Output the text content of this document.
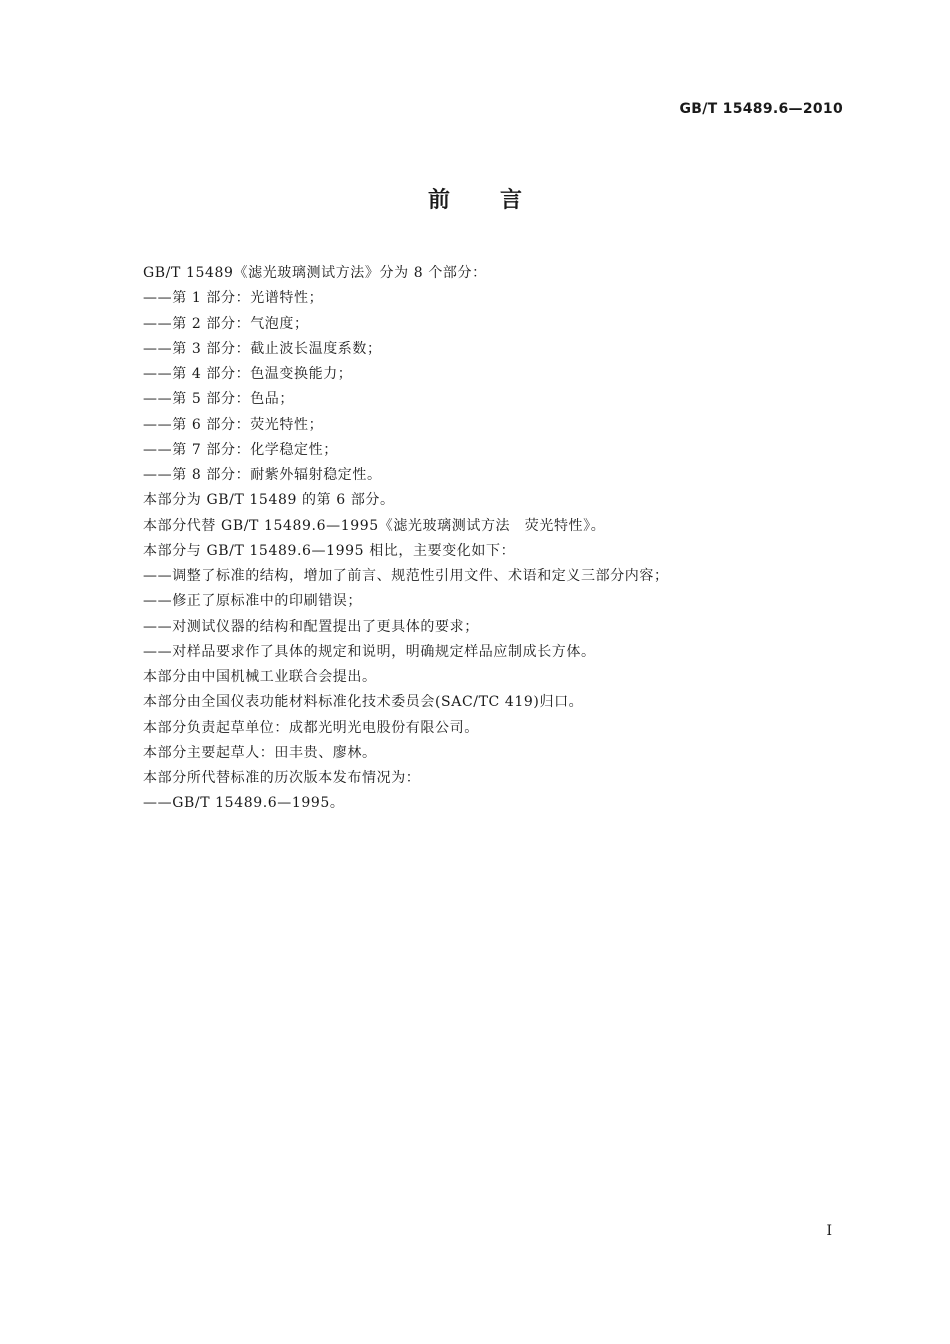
GB/T 15489.6—2010
前言
GB/T 15489《滤光玻璃测试方法》分为 8 个部分：
——第 1 部分：光谱特性；
——第 2 部分：气泡度；
——第 3 部分：截止波长温度系数；
——第 4 部分：色温变换能力；
——第 5 部分：色品；
——第 6 部分：荧光特性；
——第 7 部分：化学稳定性；
——第 8 部分：耐紫外辐射稳定性。
本部分为 GB/T 15489 的第 6 部分。
本部分代替 GB/T 15489.6—1995《滤光玻璃测试方法　荧光特性》。
本部分与 GB/T 15489.6—1995 相比，主要变化如下：
——调整了标准的结构，增加了前言、规范性引用文件、术语和定义三部分内容；
——修正了原标准中的印刷错误；
——对测试仪器的结构和配置提出了更具体的要求；
——对样品要求作了具体的规定和说明，明确规定样品应制成长方体。
本部分由中国机械工业联合会提出。
本部分由全国仪表功能材料标准化技术委员会(SAC/TC 419)归口。
本部分负责起草单位：成都光明光电股份有限公司。
本部分主要起草人：田丰贵、廖林。
本部分所代替标准的历次版本发布情况为：
——GB/T 15489.6—1995。
I
